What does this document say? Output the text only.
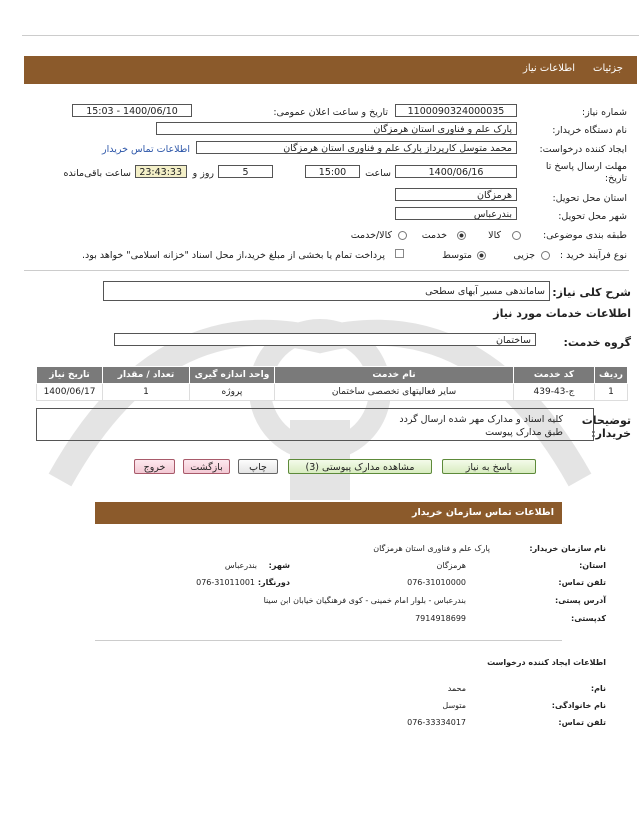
جزئیات
اطلاعات نیاز
شماره نیاز:
1100090324000035
تاریخ و ساعت اعلان عمومی:
1400/06/10 - 15:03
نام دستگاه خریدار:
پارک علم و فناوری استان هرمزگان
ایجاد کننده درخواست:
محمد متوسل کارپرداز پارک علم و فناوری استان هرمزگان
اطلاعات تماس خریدار
مهلت ارسال پاسخ تا تاریخ:
1400/06/16
ساعت
15:00
5
روز و
23:43:33
ساعت باقی‌مانده
استان محل تحویل:
هرمزگان
شهر محل تحویل:
بندرعباس
طبقه بندی موضوعی:
کالا
خدمت
کالا/خدمت
نوع فرآیند خرید :
جزیی
متوسط
پرداخت تمام یا بخشی از مبلغ خرید،از محل اسناد "خزانه اسلامی" خواهد بود.
شرح کلی نیاز:
ساماندهی مسیر آبهای سطحی
اطلاعات خدمات مورد نیاز
گروه خدمت:
ساختمان
ردیف	کد خدمت	نام خدمت	واحد اندازه گیری	تعداد / مقدار	تاریخ نیاز
1	ج-43-439	سایر فعالیتهای تخصصی ساختمان	پروژه	1	1400/06/17
توضیحات خریدار:
کلیه اسناد و مدارک مهر شده ارسال گردد
طبق مدارک پیوست
پاسخ به نیاز
مشاهده مدارک پیوستی (3)
چاپ
بازگشت
خروج
اطلاعات تماس سازمان خریدار
نام سازمان خریدار:
پارک علم و فناوری استان هرمزگان
استان:
هرمزگان
شهر:
بندرعباس
تلفن تماس:
076-31010000
دورنگار:
076-31011001
آدرس پستی:
بندرعباس - بلوار امام خمینی - کوی فرهنگیان خیابان ابن سینا
کدپستی:
7914918699
اطلاعات ایجاد کننده درخواست
نام:
محمد
نام خانوادگی:
متوسل
تلفن تماس:
076-33334017
